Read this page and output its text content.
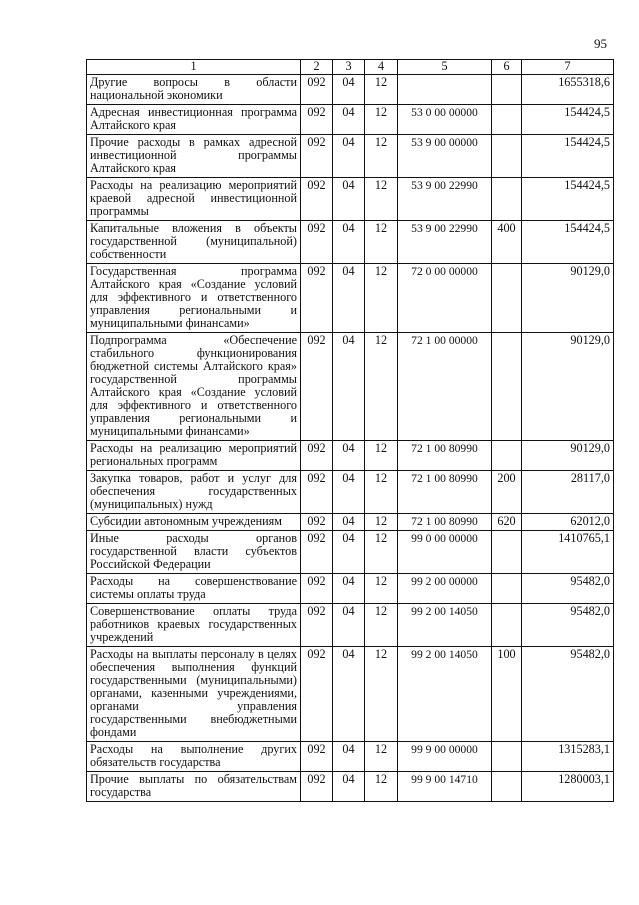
95
1	2	3	4	5	6	7
Другие вопросы в области национальной экономики	092	04	12			1655318,6
Адресная инвестиционная программа Алтайского края	092	04	12	53 0 00 00000		154424,5
Прочие расходы в рамках адресной инвестиционной программы Алтайского края	092	04	12	53 9 00 00000		154424,5
Расходы на реализацию мероприятий краевой адресной инвестиционной программы	092	04	12	53 9 00 22990		154424,5
Капитальные вложения в объекты государственной (муниципальной) собственности	092	04	12	53 9 00 22990	400	154424,5
Государственная программа Алтайского края «Создание условий для эффективного и ответственного управления региональными и муниципальными финансами»	092	04	12	72 0 00 00000		90129,0
Подпрограмма «Обеспечение стабильного функционирования бюджетной системы Алтайского края» государственной программы Алтайского края «Создание условий для эффективного и ответственного управления региональными и муниципальными финансами»	092	04	12	72 1 00 00000		90129,0
Расходы на реализацию мероприятий региональных программ	092	04	12	72 1 00 80990		90129,0
Закупка товаров, работ и услуг для обеспечения государственных (муниципальных) нужд	092	04	12	72 1 00 80990	200	28117,0
Субсидии автономным учреждениям	092	04	12	72 1 00 80990	620	62012,0
Иные расходы органов государственной власти субъектов Российской Федерации	092	04	12	99 0 00 00000		1410765,1
Расходы на совершенствование системы оплаты труда	092	04	12	99 2 00 00000		95482,0
Совершенствование оплаты труда работников краевых государственных учреждений	092	04	12	99 2 00 14050		95482,0
Расходы на выплаты персоналу в целях обеспечения выполнения функций государственными (муниципальными) органами, казенными учреждениями, органами управления государственными внебюджетными фондами	092	04	12	99 2 00 14050	100	95482,0
Расходы на выполнение других обязательств государства	092	04	12	99 9 00 00000		1315283,1
Прочие выплаты по обязательствам государства	092	04	12	99 9 00 14710		1280003,1
